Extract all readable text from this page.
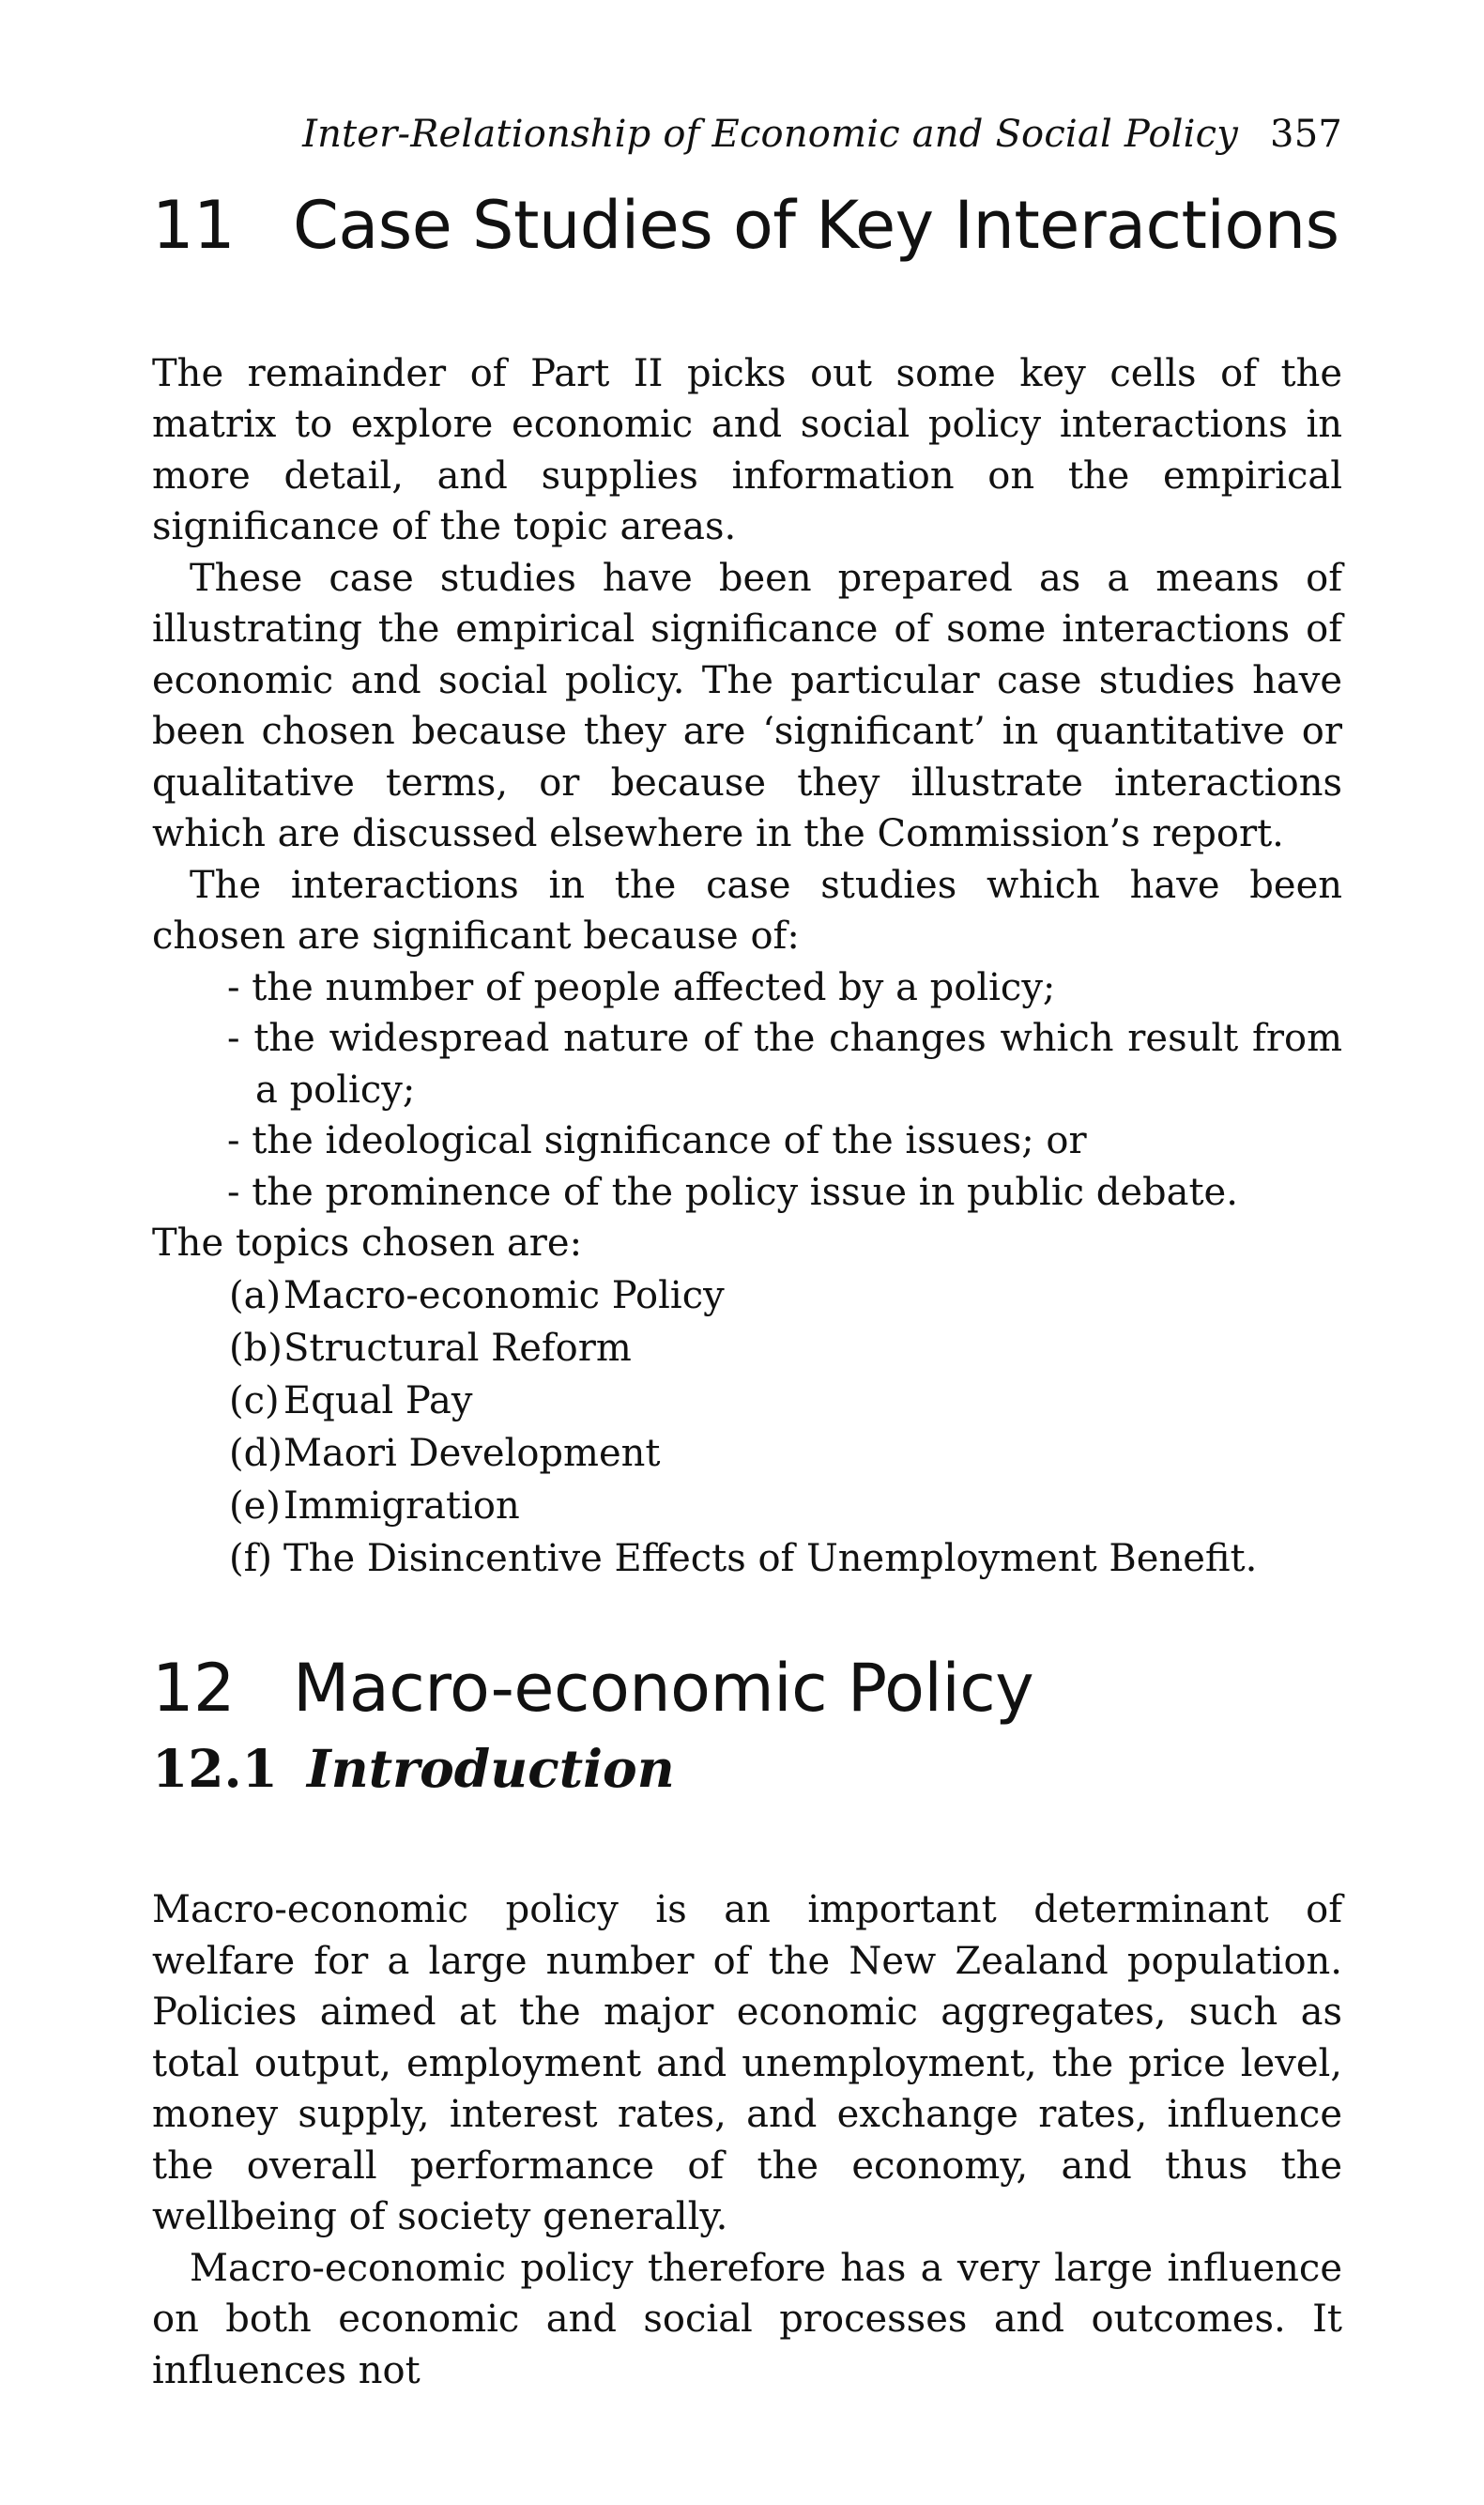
Inter-Relationship of Economic and Social Policy 357
11 Case Studies of Key Interactions

The remainder of Part II picks out some key cells of the matrix to explore economic and social policy interactions in more detail, and supplies information on the empirical significance of the topic areas.

These case studies have been prepared as a means of illustrating the empirical significance of some interactions of economic and social policy. The particular case studies have been chosen because they are ‘significant’ in quantitative or qualitative terms, or because they illustrate interactions which are discussed elsewhere in the Commission’s report.

The interactions in the case studies which have been chosen are significant because of:

- the number of people affected by a policy;
- the widespread nature of the changes which result from a policy;
- the ideological significance of the issues; or
- the prominence of the policy issue in public debate.

The topics chosen are:

(a) Macro-economic Policy
(b) Structural Reform
(c) Equal Pay
(d) Maori Development
(e) Immigration
(f) The Disincentive Effects of Unemployment Benefit.
12 Macro-economic Policy
12.1 Introduction

Macro-economic policy is an important determinant of welfare for a large number of the New Zealand population. Policies aimed at the major economic aggregates, such as total output, employment and unemployment, the price level, money supply, interest rates, and exchange rates, influence the overall performance of the economy, and thus the wellbeing of society generally.

Macro-economic policy therefore has a very large influence on both economic and social processes and outcomes. It influences not
